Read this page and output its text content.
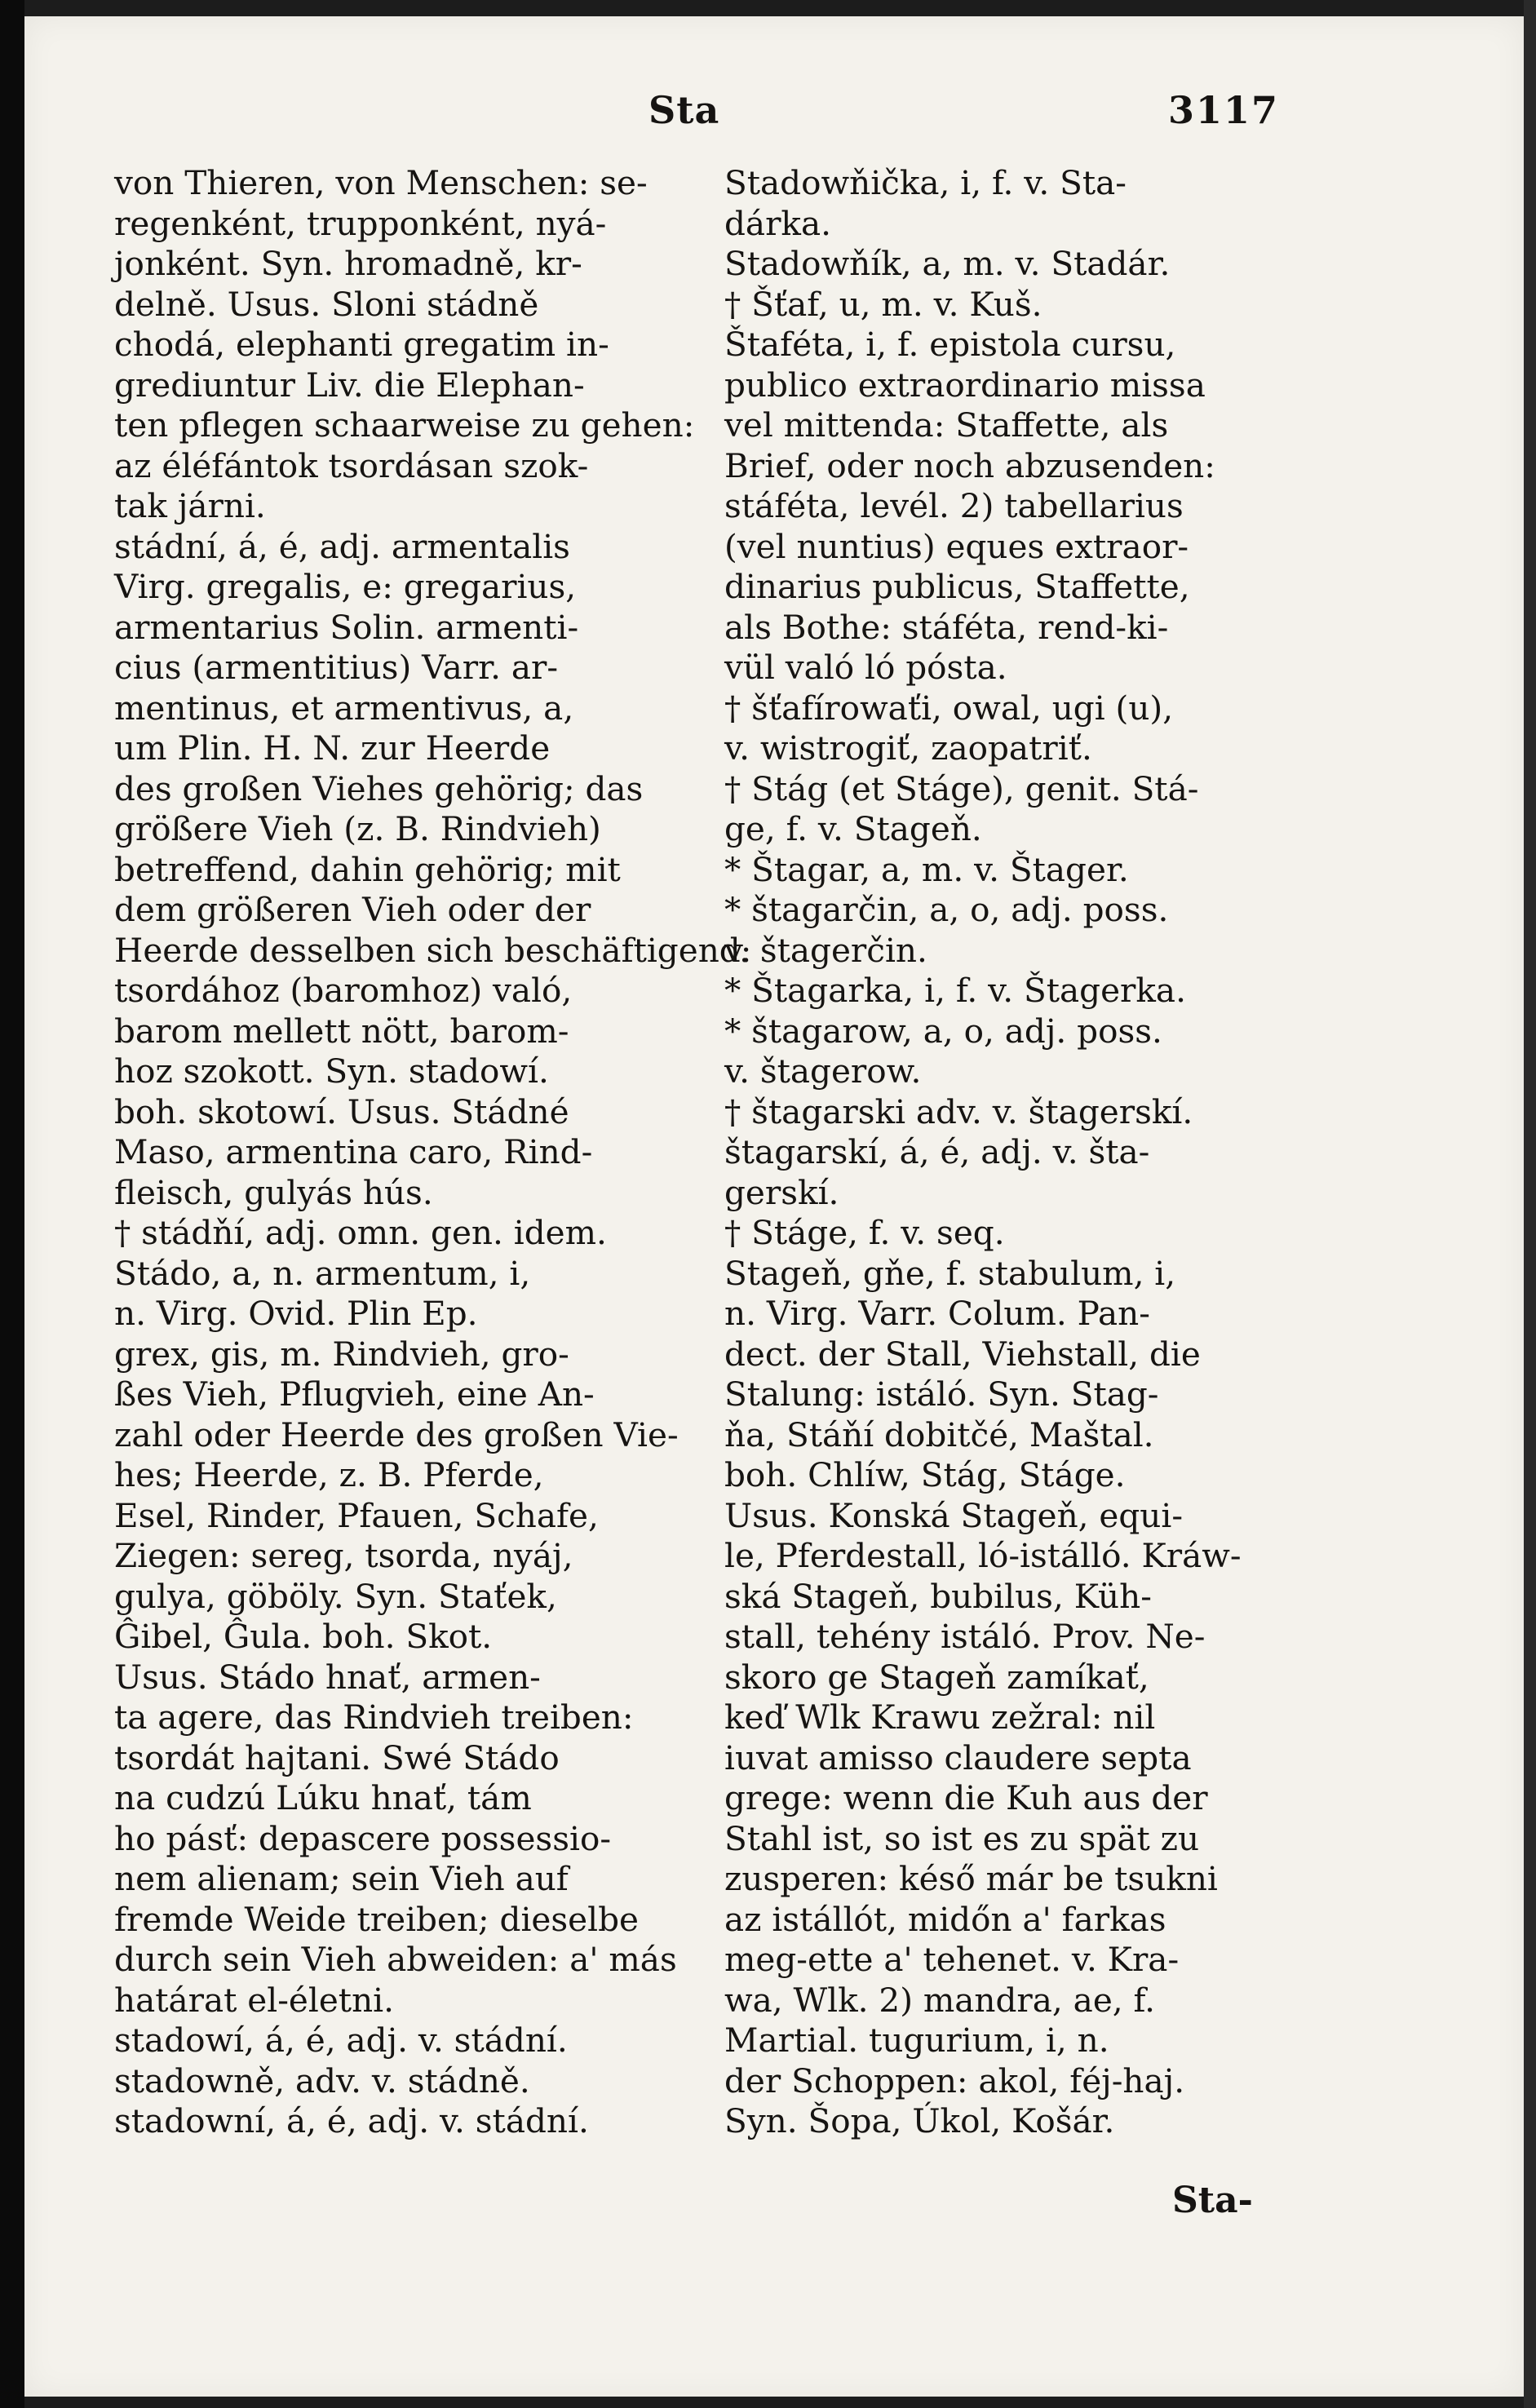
Sta	3117
von Thieren, von Menschen: se-
regenként, trupponként, nyá-
jonként. Syn. hromadně, kr-
delně. Usus. Sloni stádně
chodá, elephanti gregatim in-
grediuntur Liv. die Elephan-
ten pflegen schaarweise zu gehen:
az éléfántok tsordásan szok-
tak járni.
stádní, á, é, adj. armentalis
Virg. gregalis, e: gregarius,
armentarius Solin. armenti-
cius (armentitius) Varr. ar-
mentinus, et armentivus, a,
um Plin. H. N. zur Heerde
des großen Viehes gehörig; das
größere Vieh (z. B. Rindvieh)
betreffend, dahin gehörig; mit
dem größeren Vieh oder der
Heerde desselben sich beschäftigend:
tsordához (baromhoz) való,
barom mellett nött, barom-
hoz szokott. Syn. stadowí.
boh. skotowí. Usus. Stádné
Maso, armentina caro, Rind-
fleisch, gulyás hús.
† stádňí, adj. omn. gen. idem.
Stádo, a, n. armentum, i,
n. Virg. Ovid. Plin Ep.
grex, gis, m. Rindvieh, gro-
ßes Vieh, Pflugvieh, eine An-
zahl oder Heerde des großen Vie-
hes; Heerde, z. B. Pferde,
Esel, Rinder, Pfauen, Schafe,
Ziegen: sereg, tsorda, nyáj,
gulya, göböly. Syn. Staťek,
Ĝibel, Ĝula. boh. Skot.
Usus. Stádo hnať, armen-
ta agere, das Rindvieh treiben:
tsordát hajtani. Swé Stádo
na cudzú Lúku hnať, tám
ho pásť: depascere possessio-
nem alienam; sein Vieh auf
fremde Weide treiben; dieselbe
durch sein Vieh abweiden: a' más
határat el-életni.
stadowí, á, é, adj. v. stádní.
stadowně, adv. v. stádně.
stadowní, á, é, adj. v. stádní.
Stadowňička, i, f. v. Sta-
dárka.
Stadowňík, a, m. v. Stadár.
† Šťaf, u, m. v. Kuš.
Štaféta, i, f. epistola cursu,
publico extraordinario missa
vel mittenda: Staffette, als
Brief, oder noch abzusenden:
stáféta, levél. 2) tabellarius
(vel nuntius) eques extraor-
dinarius publicus, Staffette,
als Bothe: stáféta, rend-ki-
vül való ló pósta.
† šťafírowaťi, owal, ugi (u),
v. wistrogiť, zaopatriť.
† Stág (et Stáge), genit. Stá-
ge, f. v. Stageň.
* Štagar, a, m. v. Štager.
* štagarčin, a, o, adj. poss.
v. štagerčin.
* Štagarka, i, f. v. Štagerka.
* štagarow, a, o, adj. poss.
v. štagerow.
† štagarski adv. v. štagerskí.
štagarskí, á, é, adj. v. šta-
gerskí.
† Stáge, f. v. seq.
Stageň, gňe, f. stabulum, i,
n. Virg. Varr. Colum. Pan-
dect. der Stall, Viehstall, die
Stalung: istáló. Syn. Stag-
ňa, Stáňí dobitčé, Maštal.
boh. Chlíw, Stág, Stáge.
Usus. Konská Stageň, equi-
le, Pferdestall, ló-istálló. Kráw-
ská Stageň, bubilus, Küh-
stall, tehény istáló. Prov. Ne-
skoro ge Stageň zamíkať,
keď Wlk Krawu zežral: nil
iuvat amisso claudere septa
grege: wenn die Kuh aus der
Stahl ist, so ist es zu spät zu
zusperen: késő már be tsukni
az istállót, midőn a' farkas
meg-ette a' tehenet. v. Kra-
wa, Wlk. 2) mandra, ae, f.
Martial. tugurium, i, n.
der Schoppen: akol, féj-haj.
Syn. Šopa, Úkol, Košár.
Sta-
